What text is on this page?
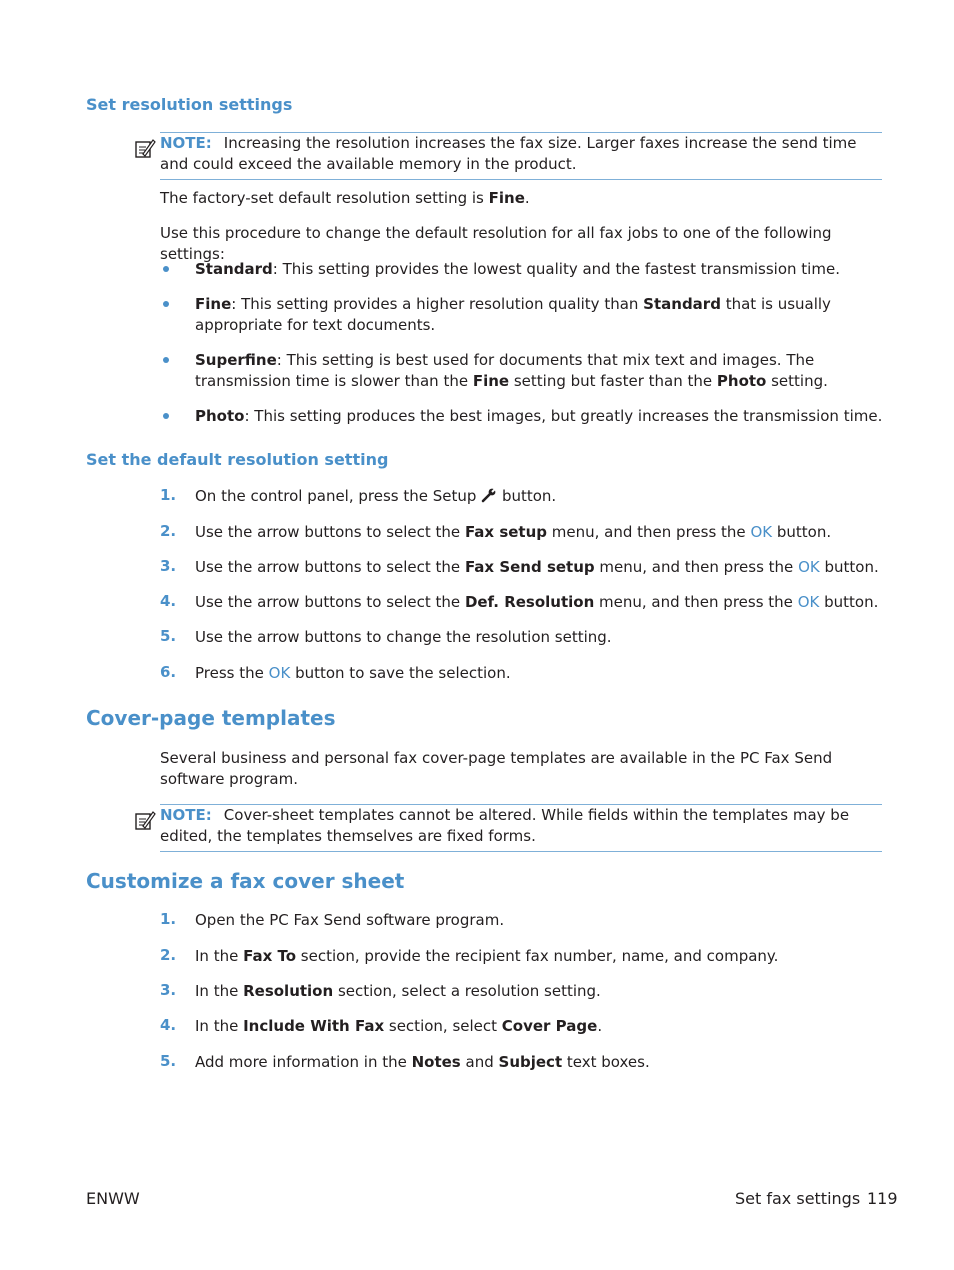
Set resolution settings
NOTE: Increasing the resolution increases the fax size. Larger faxes increase the send time and could exceed the available memory in the product.
The factory-set default resolution setting is Fine.
Use this procedure to change the default resolution for all fax jobs to one of the following settings:
Standard: This setting provides the lowest quality and the fastest transmission time.
Fine: This setting provides a higher resolution quality than Standard that is usually appropriate for text documents.
Superfine: This setting is best used for documents that mix text and images. The transmission time is slower than the Fine setting but faster than the Photo setting.
Photo: This setting produces the best images, but greatly increases the transmission time.
Set the default resolution setting
1. On the control panel, press the Setup  button.
2. Use the arrow buttons to select the Fax setup menu, and then press the OK button.
3. Use the arrow buttons to select the Fax Send setup menu, and then press the OK button.
4. Use the arrow buttons to select the Def. Resolution menu, and then press the OK button.
5. Use the arrow buttons to change the resolution setting.
6. Press the OK button to save the selection.
Cover-page templates
Several business and personal fax cover-page templates are available in the PC Fax Send software program.
NOTE: Cover-sheet templates cannot be altered. While fields within the templates may be edited, the templates themselves are fixed forms.
Customize a fax cover sheet
1. Open the PC Fax Send software program.
2. In the Fax To section, provide the recipient fax number, name, and company.
3. In the Resolution section, select a resolution setting.
4. In the Include With Fax section, select Cover Page.
5. Add more information in the Notes and Subject text boxes.
ENWW	Set fax settings 119
